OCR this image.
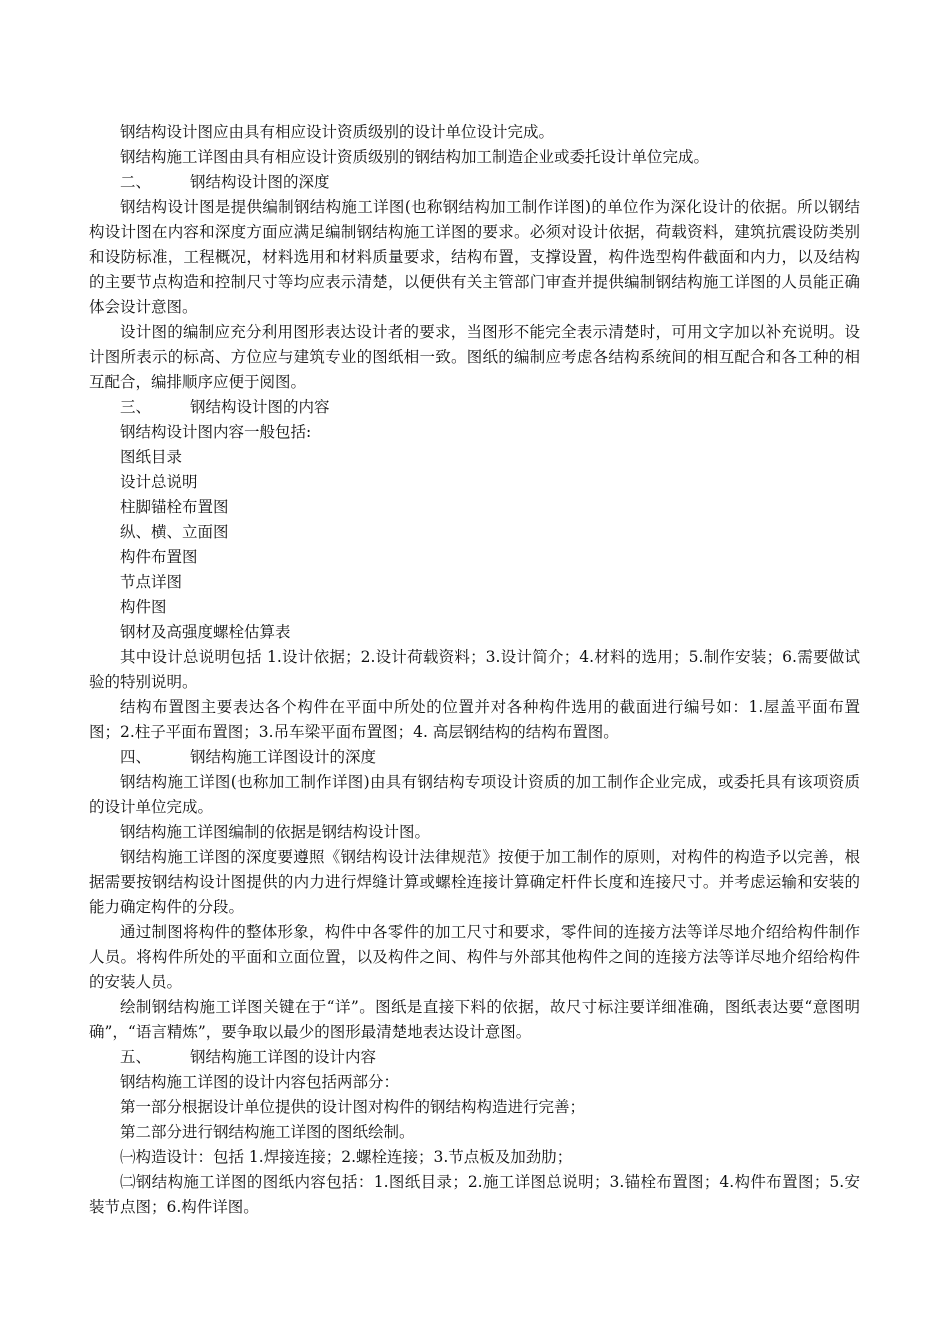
钢结构设计图应由具有相应设计资质级别的设计单位设计完成。
钢结构施工详图由具有相应设计资质级别的钢结构加工制造企业或委托设计单位完成。
二、	钢结构设计图的深度
钢结构设计图是提供编制钢结构施工详图(也称钢结构加工制作详图)的单位作为深化设计的依据。所以钢结构设计图在内容和深度方面应满足编制钢结构施工详图的要求。必须对设计依据，荷载资料，建筑抗震设防类别和设防标准，工程概况，材料选用和材料质量要求，结构布置，支撑设置，构件选型构件截面和内力，以及结构的主要节点构造和控制尺寸等均应表示清楚，以便供有关主管部门审查并提供编制钢结构施工详图的人员能正确体会设计意图。
设计图的编制应充分利用图形表达设计者的要求，当图形不能完全表示清楚时，可用文字加以补充说明。设计图所表示的标高、方位应与建筑专业的图纸相一致。图纸的编制应考虑各结构系统间的相互配合和各工种的相互配合，编排顺序应便于阅图。
三、	钢结构设计图的内容
钢结构设计图内容一般包括:
图纸目录
设计总说明
柱脚锚栓布置图
纵、横、立面图
构件布置图
节点详图
构件图
钢材及高强度螺栓估算表
其中设计总说明包括 1.设计依据；2.设计荷载资料；3.设计简介；4.材料的选用；5.制作安装；6.需要做试验的特别说明。
结构布置图主要表达各个构件在平面中所处的位置并对各种构件选用的截面进行编号如：1.屋盖平面布置图；2.柱子平面布置图；3.吊车梁平面布置图；4. 高层钢结构的结构布置图。
四、	钢结构施工详图设计的深度
钢结构施工详图(也称加工制作详图)由具有钢结构专项设计资质的加工制作企业完成，或委托具有该项资质的设计单位完成。
钢结构施工详图编制的依据是钢结构设计图。
钢结构施工详图的深度要遵照《钢结构设计法律规范》按便于加工制作的原则，对构件的构造予以完善，根据需要按钢结构设计图提供的内力进行焊缝计算或螺栓连接计算确定杆件长度和连接尺寸。并考虑运输和安装的能力确定构件的分段。
通过制图将构件的整体形象，构件中各零件的加工尺寸和要求，零件间的连接方法等详尽地介绍给构件制作人员。将构件所处的平面和立面位置，以及构件之间、构件与外部其他构件之间的连接方法等详尽地介绍给构件的安装人员。
绘制钢结构施工详图关键在于“详”。图纸是直接下料的依据，故尺寸标注要详细准确，图纸表达要“意图明确”，“语言精炼”，要争取以最少的图形最清楚地表达设计意图。
五、	钢结构施工详图的设计内容
钢结构施工详图的设计内容包括两部分：
第一部分根据设计单位提供的设计图对构件的钢结构构造进行完善；
第二部分进行钢结构施工详图的图纸绘制。
㈠构造设计：包括 1.焊接连接；2.螺栓连接；3.节点板及加劲肋；
㈡钢结构施工详图的图纸内容包括：1.图纸目录；2.施工详图总说明；3.锚栓布置图；4.构件布置图；5.安装节点图；6.构件详图。
